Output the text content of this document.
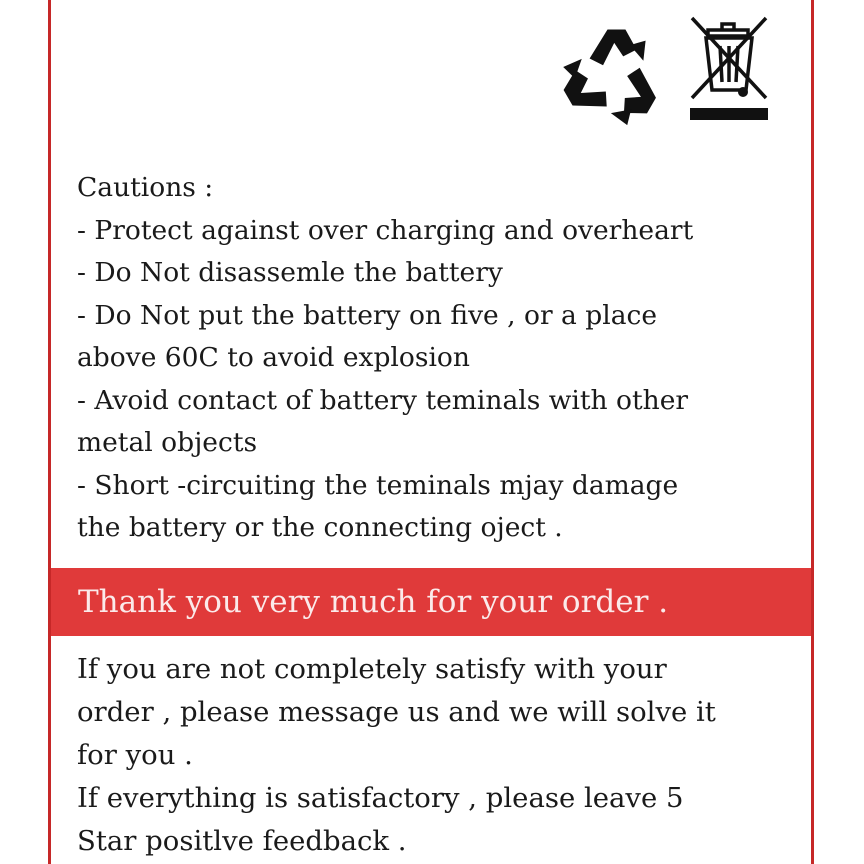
Cautions :
- Protect against over charging and overheart
- Do Not disassemle the battery
- Do Not put the battery on five , or a place
above 60C to avoid explosion
- Avoid contact of battery teminals with other
metal objects
- Short -circuiting the teminals mjay damage
the battery or the connecting oject .
Thank you very much for your order .
If you are not completely satisfy with your
order , please message us and we will solve it
for you .
If everything is satisfactory , please leave 5
Star positlve feedback .
